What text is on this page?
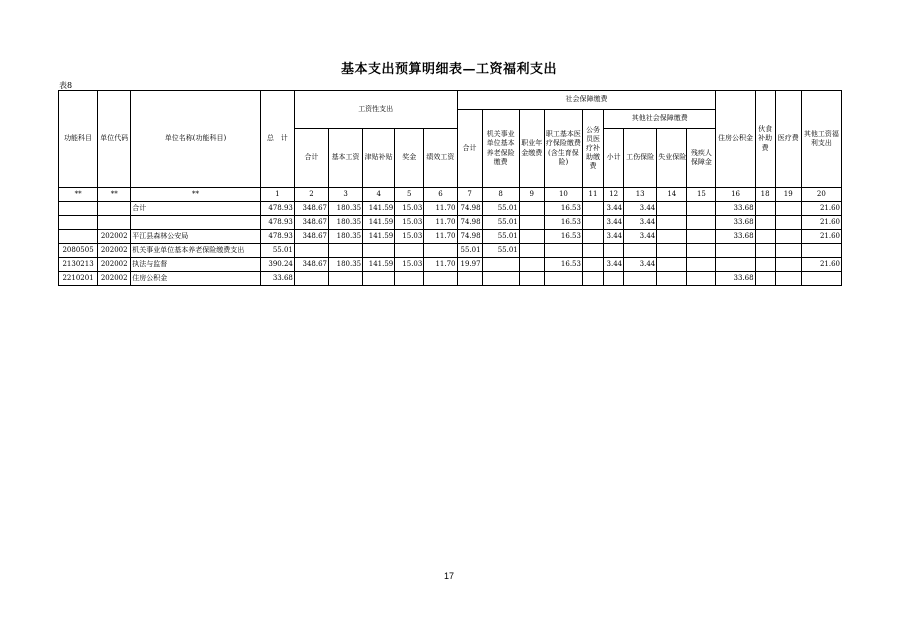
基本支出预算明细表—工资福利支出
表8
功能科目	单位代码	单位名称(功能科目)	总　计	工资性支出					社会保障缴费									住房公积金	伙食补助费	医疗费	其他工资福利支出
									合计	机关事业单位基本养老保险缴费	职业年金缴费	职工基本医疗保险缴费(含生育保险)	公务员医疗补助缴费	其他社会保障缴费							
				合计	基本工资	津贴补贴	奖金	绩效工资						小计	工伤保险	失业保险	残疾人保障金				
**	**	**	1	2	3	4	5	6	7	8	9	10	11	12	13	14	15	16	18	19	20
		合计	478.93	348.67	180.35	141.59	15.03	11.70	74.98	55.01		16.53		3.44	3.44			33.68			21.60
			478.93	348.67	180.35	141.59	15.03	11.70	74.98	55.01		16.53		3.44	3.44			33.68			21.60
	202002	平江县森林公安局	478.93	348.67	180.35	141.59	15.03	11.70	74.98	55.01		16.53		3.44	3.44			33.68			21.60
2080505	202002	机关事业单位基本养老保险缴费支出	55.01						55.01	55.01											
2130213	202002	执法与监督	390.24	348.67	180.35	141.59	15.03	11.70	19.97			16.53		3.44	3.44						21.60
2210201	202002	住房公积金	33.68															33.68			
17
